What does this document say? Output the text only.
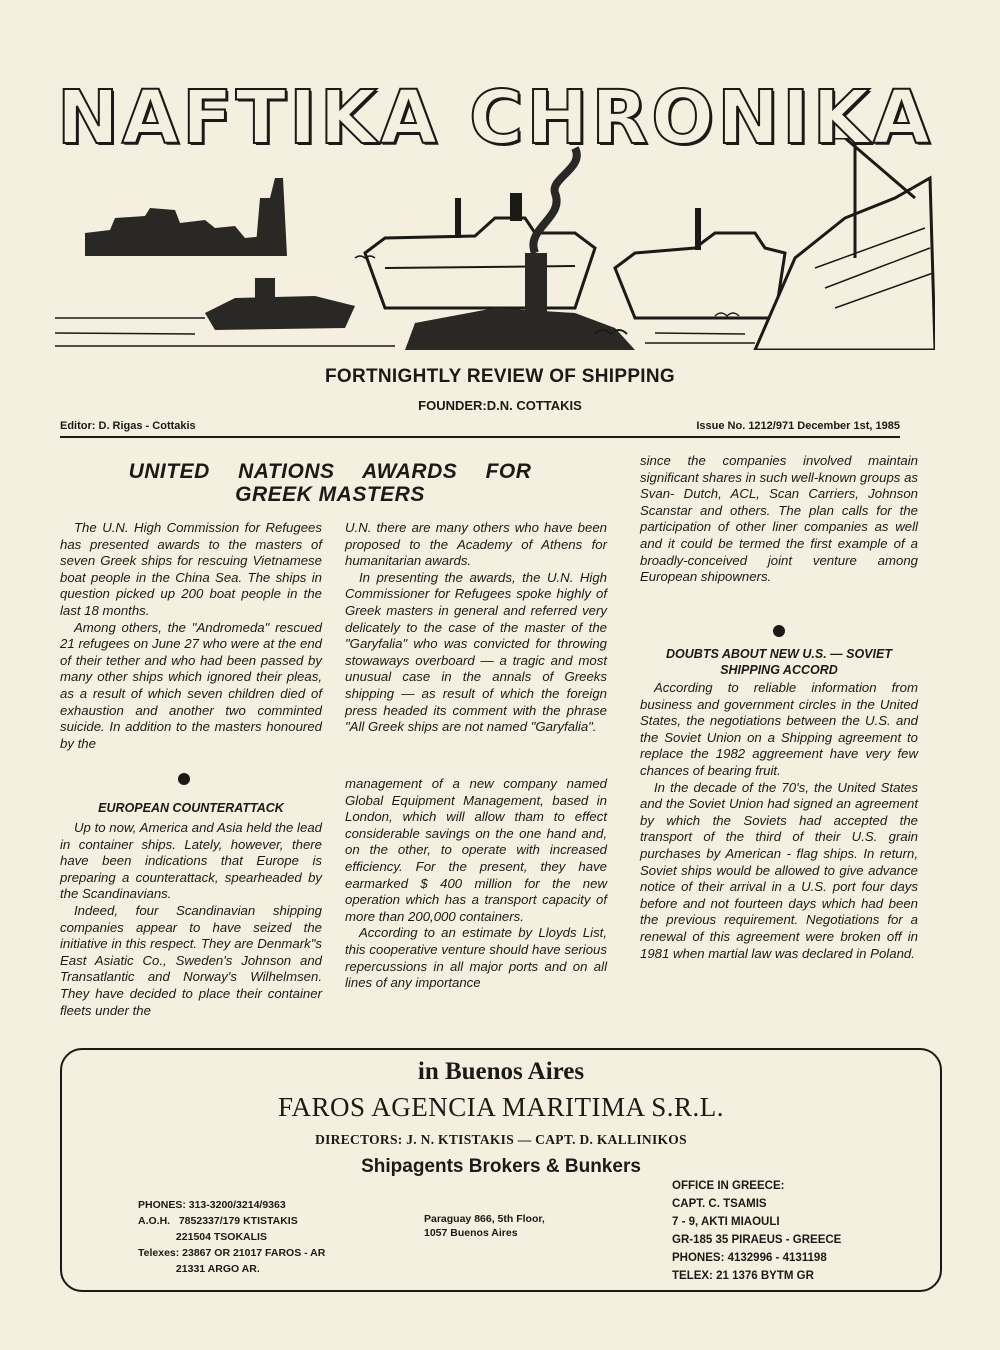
NAFTIKA CHRONIKA
FORTNIGHTLY REVIEW OF SHIPPING
FOUNDER:D.N. COTTAKIS
Editor: D. Rigas - Cottakis	Issue No. 1212/971 December 1st, 1985
UNITED NATIONS AWARDS FOR
GREEK MASTERS

The U.N. High Commission for Refugees has presented awards to the masters of seven Greek ships for rescuing Vietnamese boat people in the China Sea. The ships in question picked up 200 boat people in the last 18 months.

Among others, the "Andromeda" rescued 21 refugees on June 27 who were at the end of their tether and who had been passed by many other ships which ignored their pleas, as a result of which seven children died of exhaustion and another two comminted suicide. In addition to the masters honoured by the

U.N. there are many others who have been proposed to the Academy of Athens for humanitarian awards.

In presenting the awards, the U.N. High Commissioner for Refugees spoke highly of Greek masters in general and referred very delicately to the case of the master of the "Garyfalia" who was convicted for throwing stowaways overboard — a tragic and most unusual case in the annals of Greeks shipping — as result of which the foreign press headed its comment with the phrase "All Greek ships are not named "Garyfalia".

EUROPEAN COUNTERATTACK

Up to now, America and Asia held the lead in container ships. Lately, however, there have been indications that Europe is preparing a counterattack, spearheaded by the Scandinavians.

Indeed, four Scandinavian shipping companies appear to have seized the initiative in this respect. They are Denmark"s East Asiatic Co., Sweden's Johnson and Transatlantic and Norway's Wilhelmsen. They have decided to place their container fleets under the

management of a new company named Global Equipment Management, based in London, which will allow tham to effect considerable savings on the one hand and, on the other, to operate with increased efficiency. For the present, they have earmarked $ 400 million for the new operation which has a transport capacity of more than 200,000 containers.

According to an estimate by Lloyds List, this cooperative venture should have serious repercussions in all major ports and on all lines of any importance

since the companies involved maintain significant shares in such well-known groups as Svan- Dutch, ACL, Scan Carriers, Johnson Scanstar and others. The plan calls for the participation of other liner companies as well and it could be termed the first example of a broadly-conceived joint venture among European shipowners.

DOUBTS ABOUT NEW U.S. — SOVIET
SHIPPING ACCORD

According to reliable information from business and government circles in the United States, the negotiations between the U.S. and the Soviet Union on a Shipping agreement to replace the 1982 aggreement have very few chances of bearing fruit.

In the decade of the 70's, the United States and the Soviet Union had signed an agreement by which the Soviets had accepted the transport of the third of their U.S. grain purchases by American - flag ships. In return, Soviet ships would be allowed to give advance notice of their arrival in a U.S. port four days before and not fourteen days which had been the previous requirement. Negotiations for a renewal of this agreement were broken off in 1981 when martial law was declared in Poland.

in Buenos Aires
FAROS AGENCIA MARITIMA S.R.L.
DIRECTORS: J. N. KTISTAKIS — CAPT. D. KALLINIKOS
Shipagents Brokers & Bunkers
PHONES: 313-3200/3214/9363
A.O.H.   7852337/179 KTISTAKIS
221504 TSOKALIS
Telexes: 23867 OR 21017 FAROS - AR
21331 ARGO AR.
Paraguay 866, 5th Floor,
1057 Buenos Aires
OFFICE IN GREECE:
CAPT. C. TSAMIS
7 - 9, AKTI MIAOULI
GR-185 35 PIRAEUS - GREECE
PHONES: 4132996 - 4131198
TELEX: 21 1376 BYTM GR
